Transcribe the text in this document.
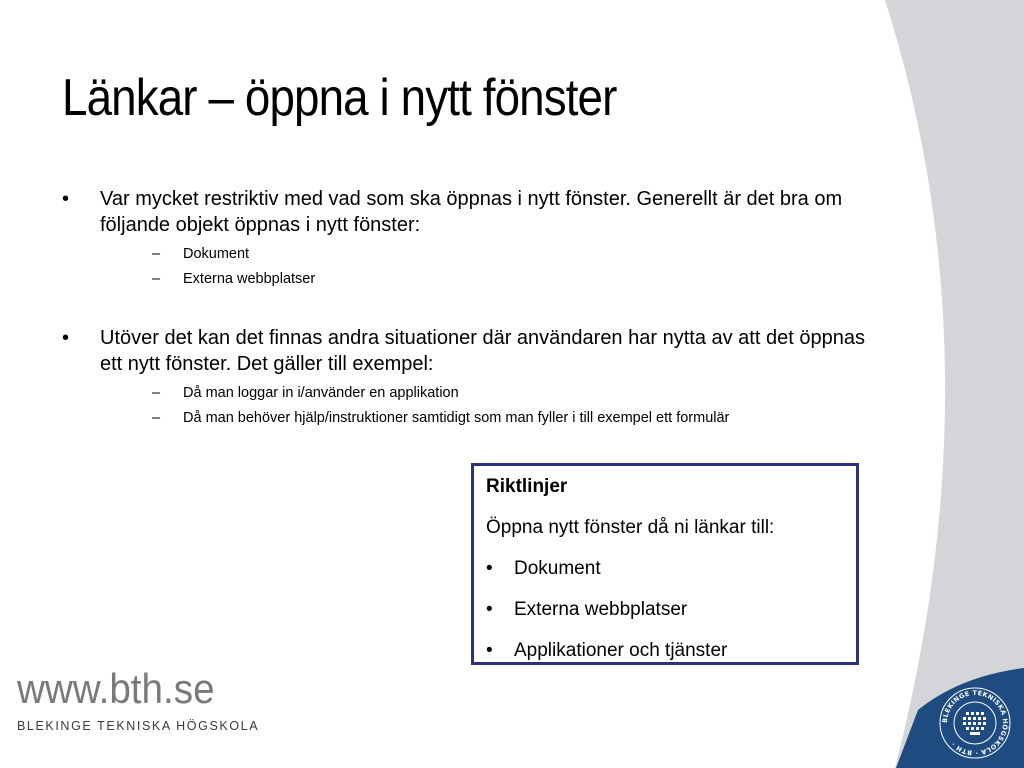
Länkar – öppna i nytt fönster
• Var mycket restriktiv med vad som ska öppnas i nytt fönster. Generellt är det bra om följande objekt öppnas i nytt fönster:
– Dokument
– Externa webbplatser
• Utöver det kan det finnas andra situationer där användaren har nytta av att det öppnas ett nytt fönster. Det gäller till exempel:
– Då man loggar in i/använder en applikation
– Då man behöver hjälp/instruktioner samtidigt som man fyller i till exempel ett formulär
Riktlinjer
Öppna nytt fönster då ni länkar till:
• Dokument
• Externa webbplatser
• Applikationer och tjänster
www.bth.se
BLEKINGE TEKNISKA HÖGSKOLA	BLEKINGE TEKNISKA HÖGSKOLA · BTH ·
